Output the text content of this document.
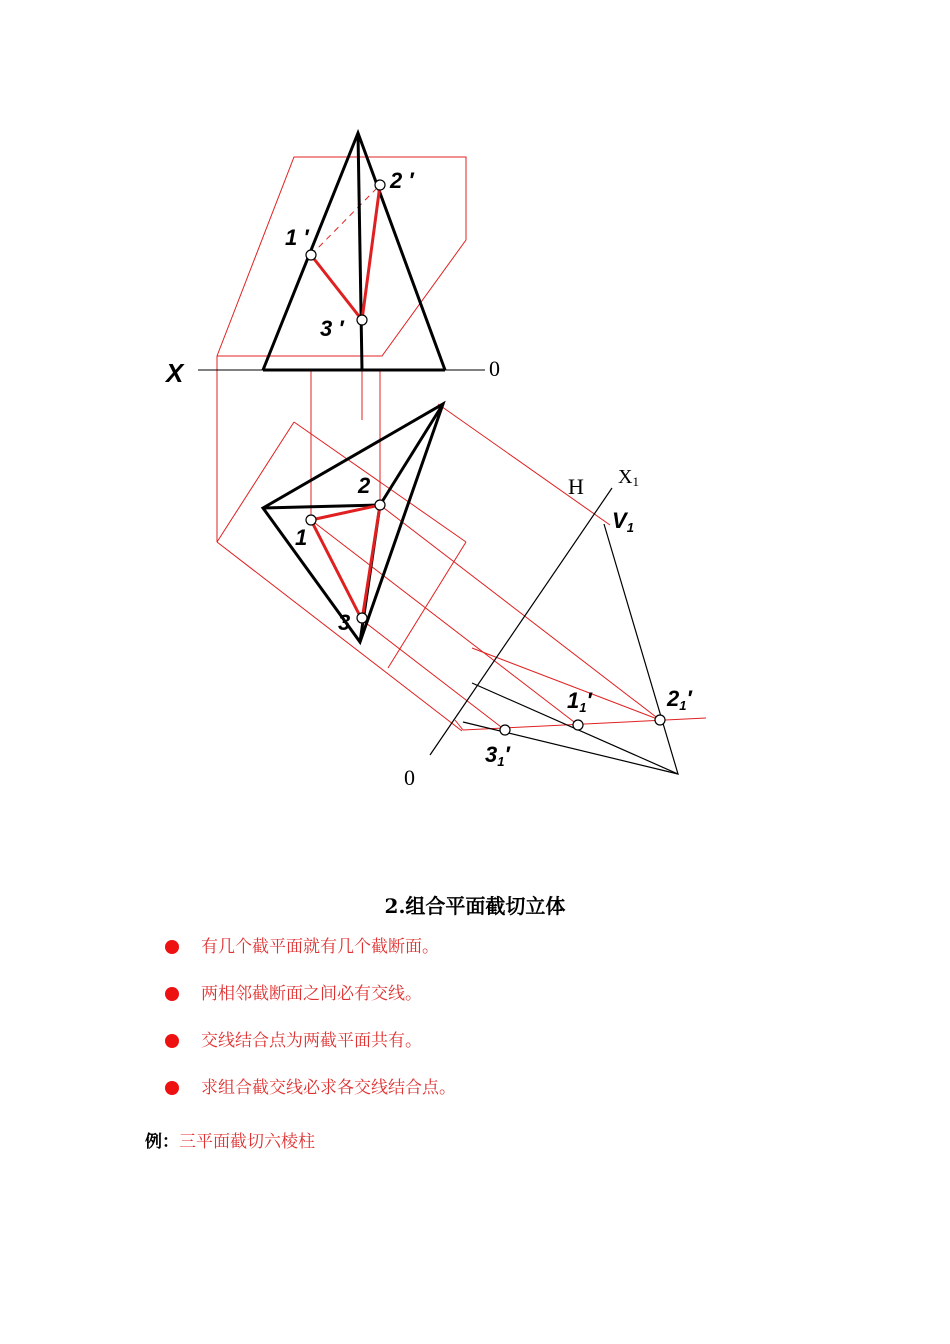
1 ′
2 ′
3 ′
X	0
1
2
3
H X1
V1
11′	21′
31′
0
2.组合平面截切立体
有几个截平面就有几个截断面。
两相邻截断面之间必有交线。
交线结合点为两截平面共有。
求组合截交线必求各交线结合点。
例：三平面截切六棱柱
